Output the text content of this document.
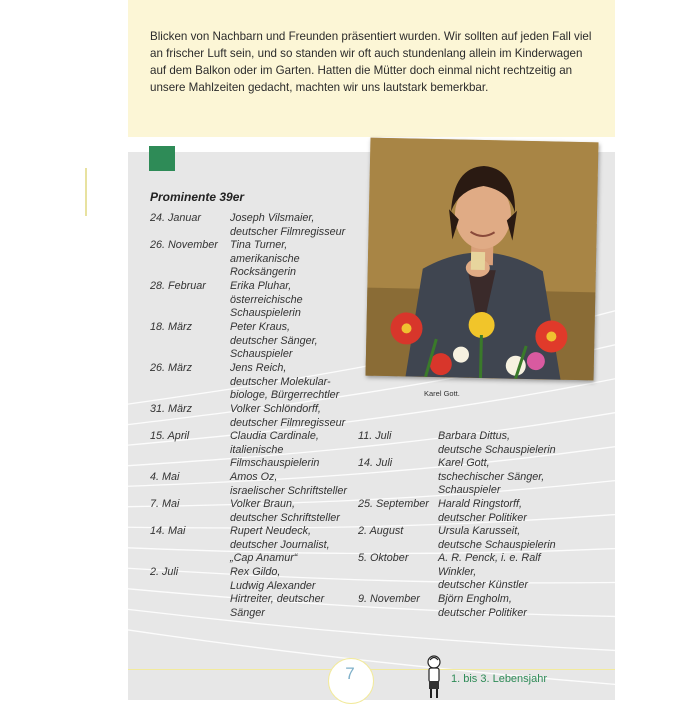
Blicken von Nachbarn und Freunden präsentiert wurden. Wir sollten auf jeden Fall viel an frischer Luft sein, und so standen wir oft auch stundenlang allein im Kinderwagen auf dem Balkon oder im Garten. Hatten die Mütter doch einmal nicht rechtzeitig an unsere Mahlzeiten gedacht, machten wir uns lautstark bemerkbar.

Karel Gott.
Prominente 39er
24. Januar	Joseph Vilsmaier,
deutscher Filmregisseur
26. November Tina Turner,
amerikanische
Rocksängerin
28. Februar Erika Pluhar,
österreichische
Schauspielerin
18. März	Peter Kraus,
deutscher Sänger,
Schauspieler
26. März	Jens Reich,
deutscher Molekular-
biologe, Bürgerrechtler
31. März	Volker Schlöndorff,
deutscher Filmregisseur
15. April	Claudia Cardinale,
italienische
Filmschauspielerin
4. Mai	Amos Oz,
israelischer Schriftsteller
7. Mai	Volker Braun,
deutscher Schriftsteller
14. Mai	Rupert Neudeck,
deutscher Journalist,
„Cap Anamur“
2. Juli	Rex Gildo,
Ludwig Alexander
Hirtreiter, deutscher
Sänger
11. Juli	Barbara Dittus,
deutsche Schauspielerin
14. Juli	Karel Gott,
tschechischer Sänger,
Schauspieler
25. September Harald Ringstorff,
deutscher Politiker
2. August	Ursula Karusseit,
deutsche Schauspielerin
5. Oktober	A. R. Penck, i. e. Ralf
Winkler,
deutscher Künstler
9. November Björn Engholm,
deutscher Politiker
7	1. bis 3. Lebensjahr
